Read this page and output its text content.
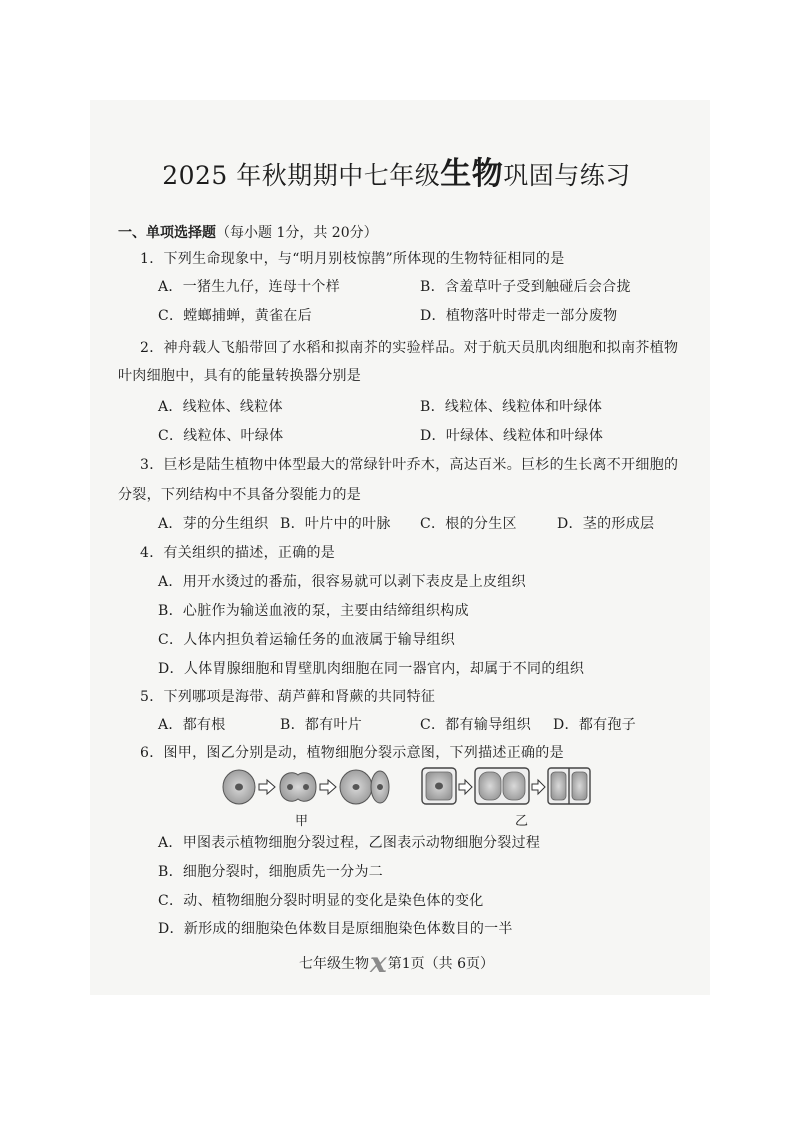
2025 年秋期期中七年级生物巩固与练习
一、单项选择题（每小题 1分，共 20分）
1．下列生命现象中，与“明月别枝惊鹊”所体现的生物特征相同的是
A．一猪生九仔，连母十个样	B．含羞草叶子受到触碰后会合拢
C．螳螂捕蝉，黄雀在后	D．植物落叶时带走一部分废物
2．神舟载人飞船带回了水稻和拟南芥的实验样品。对于航天员肌肉细胞和拟南芥植物
叶肉细胞中，具有的能量转换器分别是
A．线粒体、线粒体	B．线粒体、线粒体和叶绿体
C．线粒体、叶绿体	D．叶绿体、线粒体和叶绿体
3．巨杉是陆生植物中体型最大的常绿针叶乔木，高达百米。巨杉的生长离不开细胞的
分裂，下列结构中不具备分裂能力的是
A．芽的分生组织 B．叶片中的叶脉 C．根的分生区	D．茎的形成层
4．有关组织的描述，正确的是
A．用开水烫过的番茄，很容易就可以剥下表皮是上皮组织
B．心脏作为输送血液的泵，主要由结缔组织构成
C．人体内担负着运输任务的血液属于输导组织
D．人体胃腺细胞和胃壁肌肉细胞在同一器官内，却属于不同的组织
5．下列哪项是海带、葫芦藓和肾蕨的共同特征
A．都有根	B．都有叶片	C．都有输导组织 D．都有孢子
6．图甲，图乙分别是动，植物细胞分裂示意图，下列描述正确的是
甲	乙
A．甲图表示植物细胞分裂过程，乙图表示动物细胞分裂过程
B．细胞分裂时，细胞质先一分为二
C．动、植物细胞分裂时明显的变化是染色体的变化
D．新形成的细胞染色体数目是原细胞染色体数目的一半
七年级生物x第1页（共 6页）
